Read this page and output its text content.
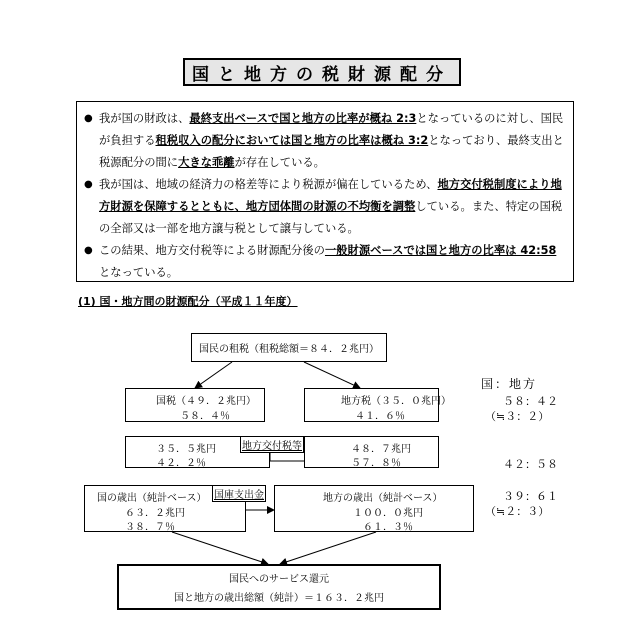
国と地方の税財源配分

● 我が国の財政は、最終支出ベースで国と地方の比率が概ね 2:3となっているのに対し、国民が負担する租税収入の配分においては国と地方の比率は概ね 3:2となっており、最終支出と税源配分の間に大きな乖離が存在している。

● 我が国は、地域の経済力の格差等により税源が偏在しているため、地方交付税制度により地方財源を保障するとともに、地方団体間の財源の不均衡を調整している。また、特定の国税の全部又は一部を地方譲与税として譲与している。

● この結果、地方交付税等による財源配分後の一般財源ベースでは国と地方の比率は 42:58 となっている。

(1) 国・地方間の財源配分（平成１１年度）
国民の租税（租税総額＝８４．２兆円）
国税（４９．２兆円）
５８．４％
地方税（３５．０兆円）
４１．６％
３５．５兆円
４２．２％
地方交付税等	４８．７兆円
５７．８％
国の歳出（純計ベース）
６３．２兆円
３８．７％
国庫支出金	地方の歳出（純計ベース）
１００．０兆円
６１．３％
国民へのサービス還元
国と地方の歳出総額（純計）＝１６３．２兆円
国：地方
５８：４２
（≒３：２）
４２：５８
３９：６１
（≒２：３）
